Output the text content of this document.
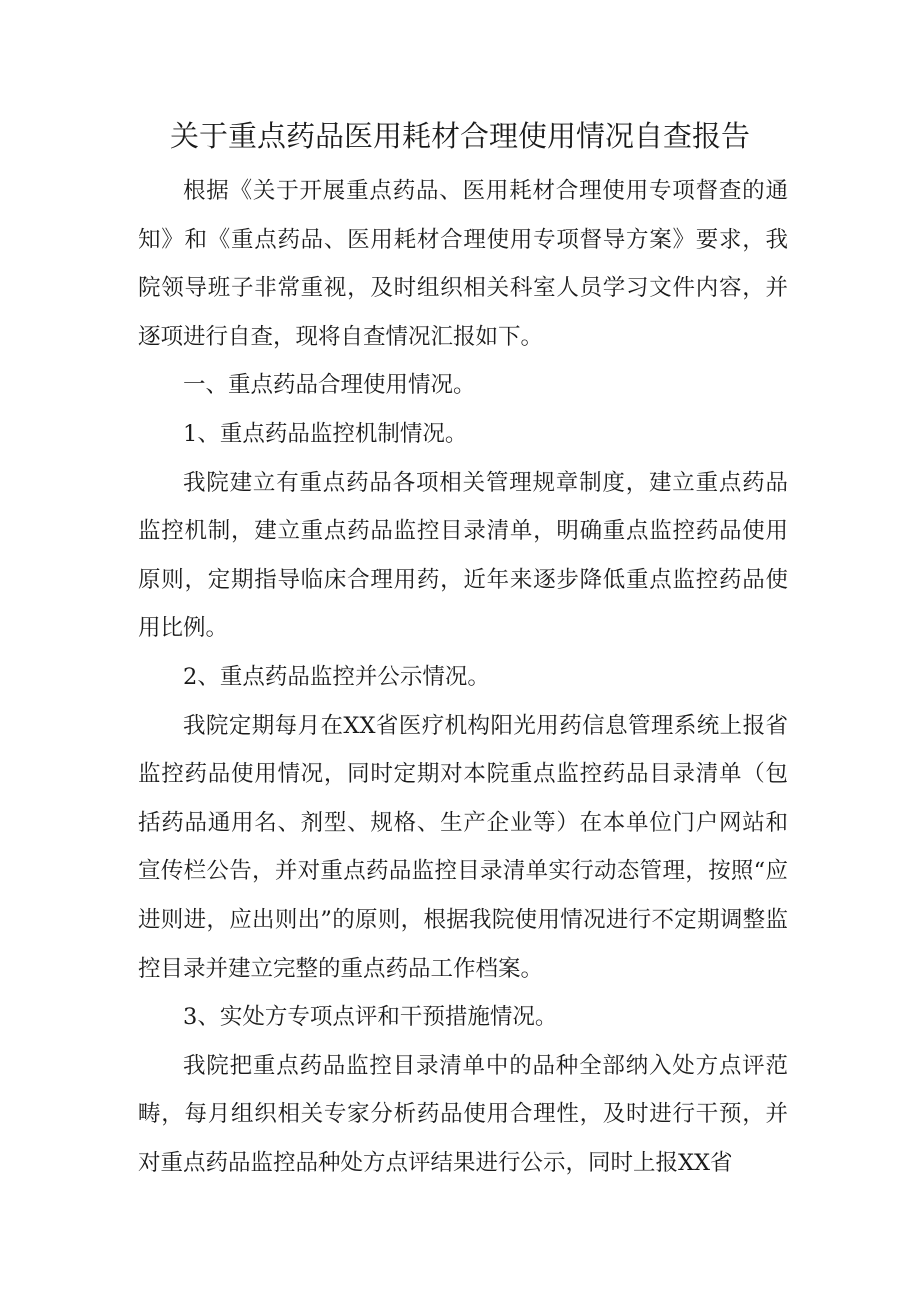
关于重点药品医用耗材合理使用情况自查报告

根据《关于开展重点药品、医用耗材合理使用专项督查的通知》和《重点药品、医用耗材合理使用专项督导方案》要求，我院领导班子非常重视，及时组织相关科室人员学习文件内容，并逐项进行自查，现将自查情况汇报如下。

一、重点药品合理使用情况。

1、重点药品监控机制情况。

我院建立有重点药品各项相关管理规章制度，建立重点药品监控机制，建立重点药品监控目录清单，明确重点监控药品使用原则，定期指导临床合理用药，近年来逐步降低重点监控药品使用比例。

2、重点药品监控并公示情况。

我院定期每月在XX省医疗机构阳光用药信息管理系统上报省监控药品使用情况，同时定期对本院重点监控药品目录清单（包括药品通用名、剂型、规格、生产企业等）在本单位门户网站和宣传栏公告，并对重点药品监控目录清单实行动态管理，按照“应进则进，应出则出”的原则，根据我院使用情况进行不定期调整监控目录并建立完整的重点药品工作档案。

3、实处方专项点评和干预措施情况。

我院把重点药品监控目录清单中的品种全部纳入处方点评范畴，每月组织相关专家分析药品使用合理性，及时进行干预，并对重点药品监控品种处方点评结果进行公示，同时上报XX省
